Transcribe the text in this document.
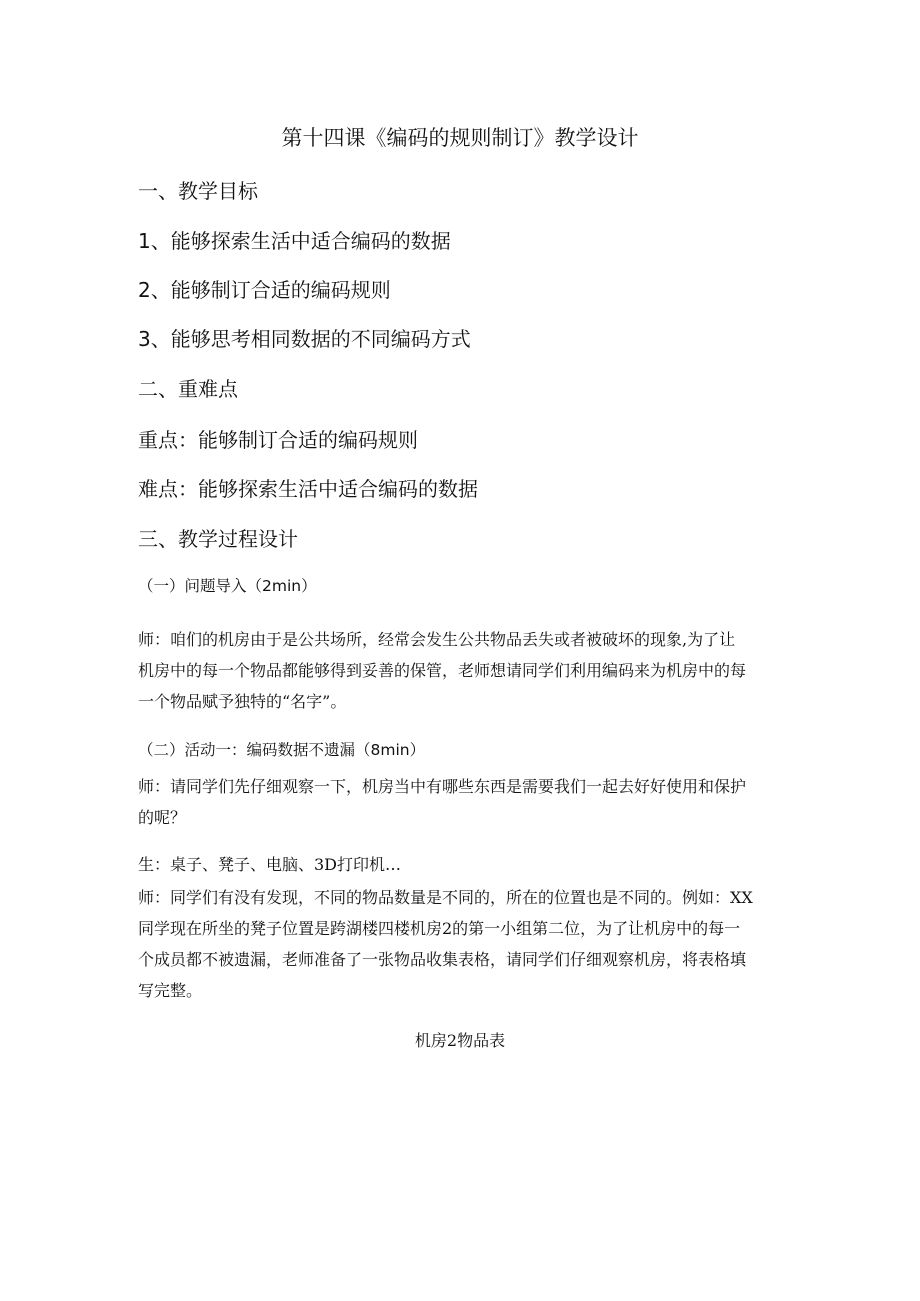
第十四课《编码的规则制订》教学设计

一、教学目标

1、能够探索生活中适合编码的数据

2、能够制订合适的编码规则

3、能够思考相同数据的不同编码方式

二、重难点

重点：能够制订合适的编码规则

难点：能够探索生活中适合编码的数据

三、教学过程设计

（一）问题导入（2min）

师：咱们的机房由于是公共场所，经常会发生公共物品丢失或者被破坏的现象,为了让
机房中的每一个物品都能够得到妥善的保管，老师想请同学们利用编码来为机房中的每
一个物品赋予独特的“名字”。

（二）活动一：编码数据不遗漏（8min）

师：请同学们先仔细观察一下，机房当中有哪些东西是需要我们一起去好好使用和保护
的呢？

生：桌子、凳子、电脑、3D打印机…

师：同学们有没有发现，不同的物品数量是不同的，所在的位置也是不同的。例如：XX
同学现在所坐的凳子位置是跨湖楼四楼机房2的第一小组第二位，为了让机房中的每一
个成员都不被遗漏，老师准备了一张物品收集表格，请同学们仔细观察机房，将表格填
写完整。

机房2物品表
